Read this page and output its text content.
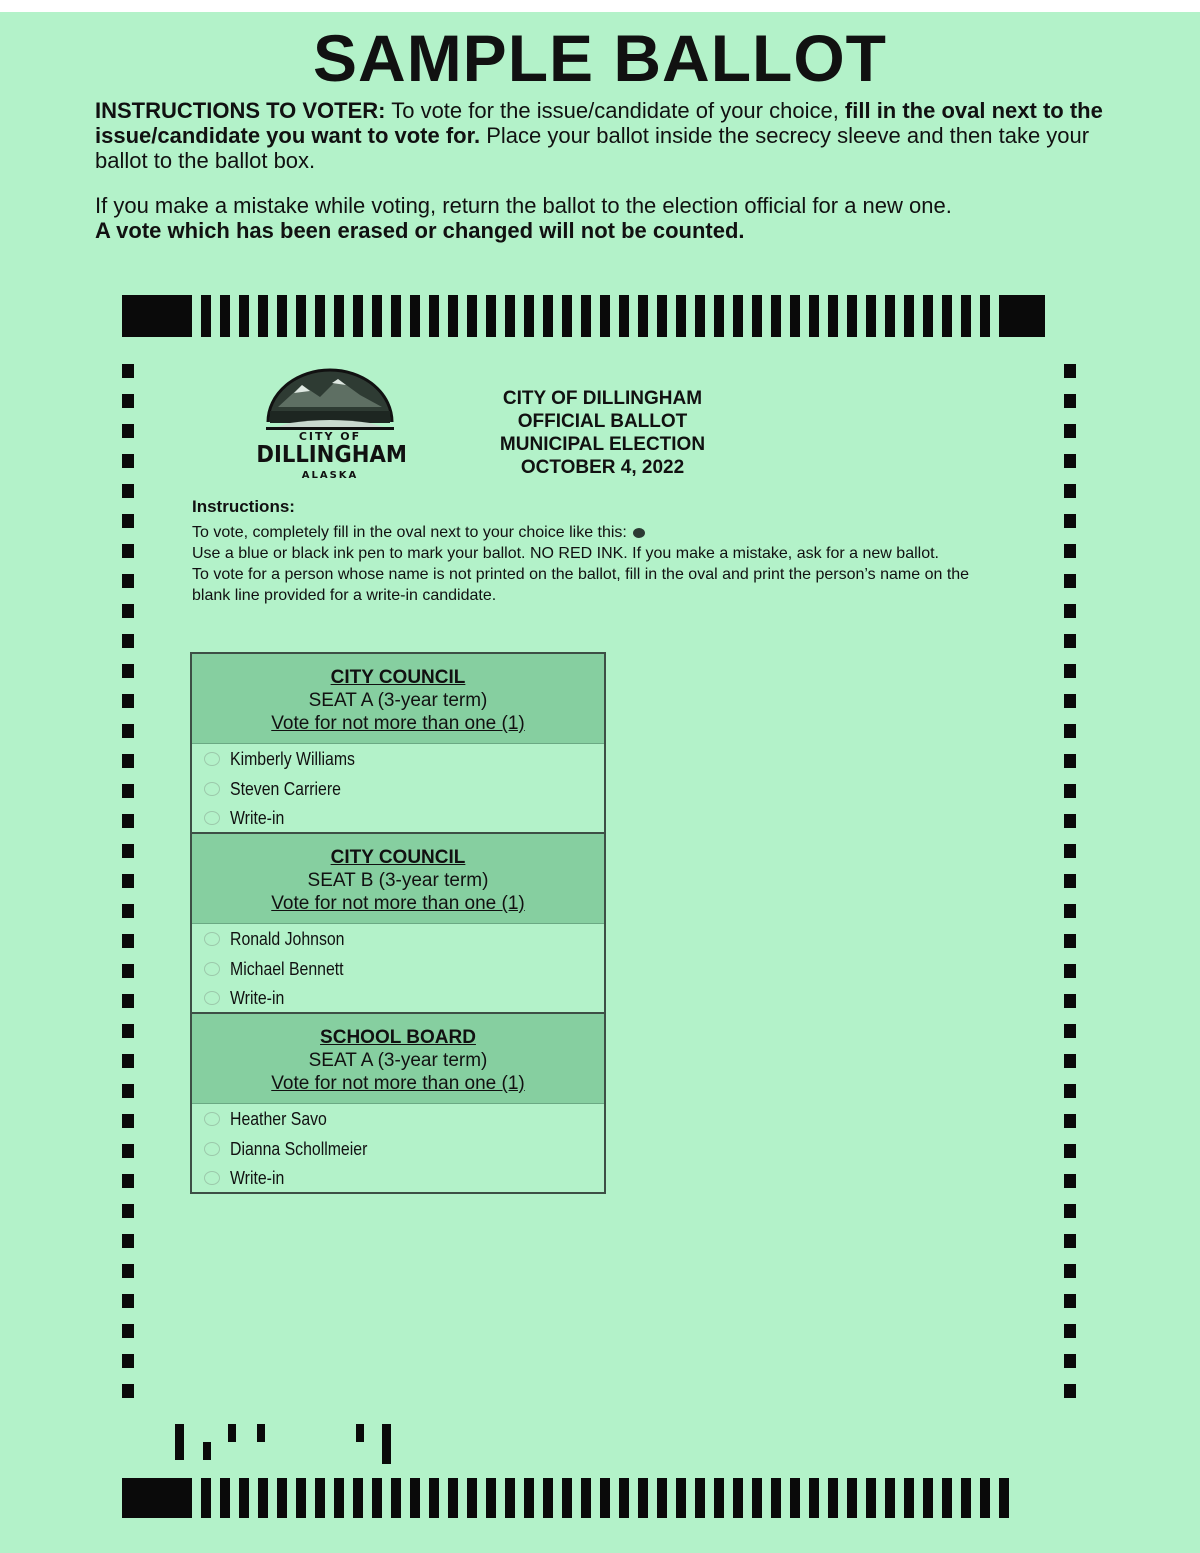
SAMPLE BALLOT
INSTRUCTIONS TO VOTER: To vote for the issue/candidate of your choice, fill in the oval next to the issue/candidate you want to vote for. Place your ballot inside the secrecy sleeve and then take your ballot to the ballot box.
If you make a mistake while voting, return the ballot to the election official for a new one.
A vote which has been erased or changed will not be counted.
CITY OF
DILLINGHAM
ALASKA
CITY OF DILLINGHAM
OFFICIAL BALLOT
MUNICIPAL ELECTION
OCTOBER 4, 2022
Instructions:
To vote, completely fill in the oval next to your choice like this:
Use a blue or black ink pen to mark your ballot. NO RED INK. If you make a mistake, ask for a new ballot.
To vote for a person whose name is not printed on the ballot, fill in the oval and print the person’s name on the blank line provided for a write-in candidate.
CITY COUNCIL
SEAT A (3-year term)
Vote for not more than one (1)
Kimberly Williams
Steven Carriere
Write-in
CITY COUNCIL
SEAT B (3-year term)
Vote for not more than one (1)
Ronald Johnson
Michael Bennett
Write-in
SCHOOL BOARD
SEAT A (3-year term)
Vote for not more than one (1)
Heather Savo
Dianna Schollmeier
Write-in
